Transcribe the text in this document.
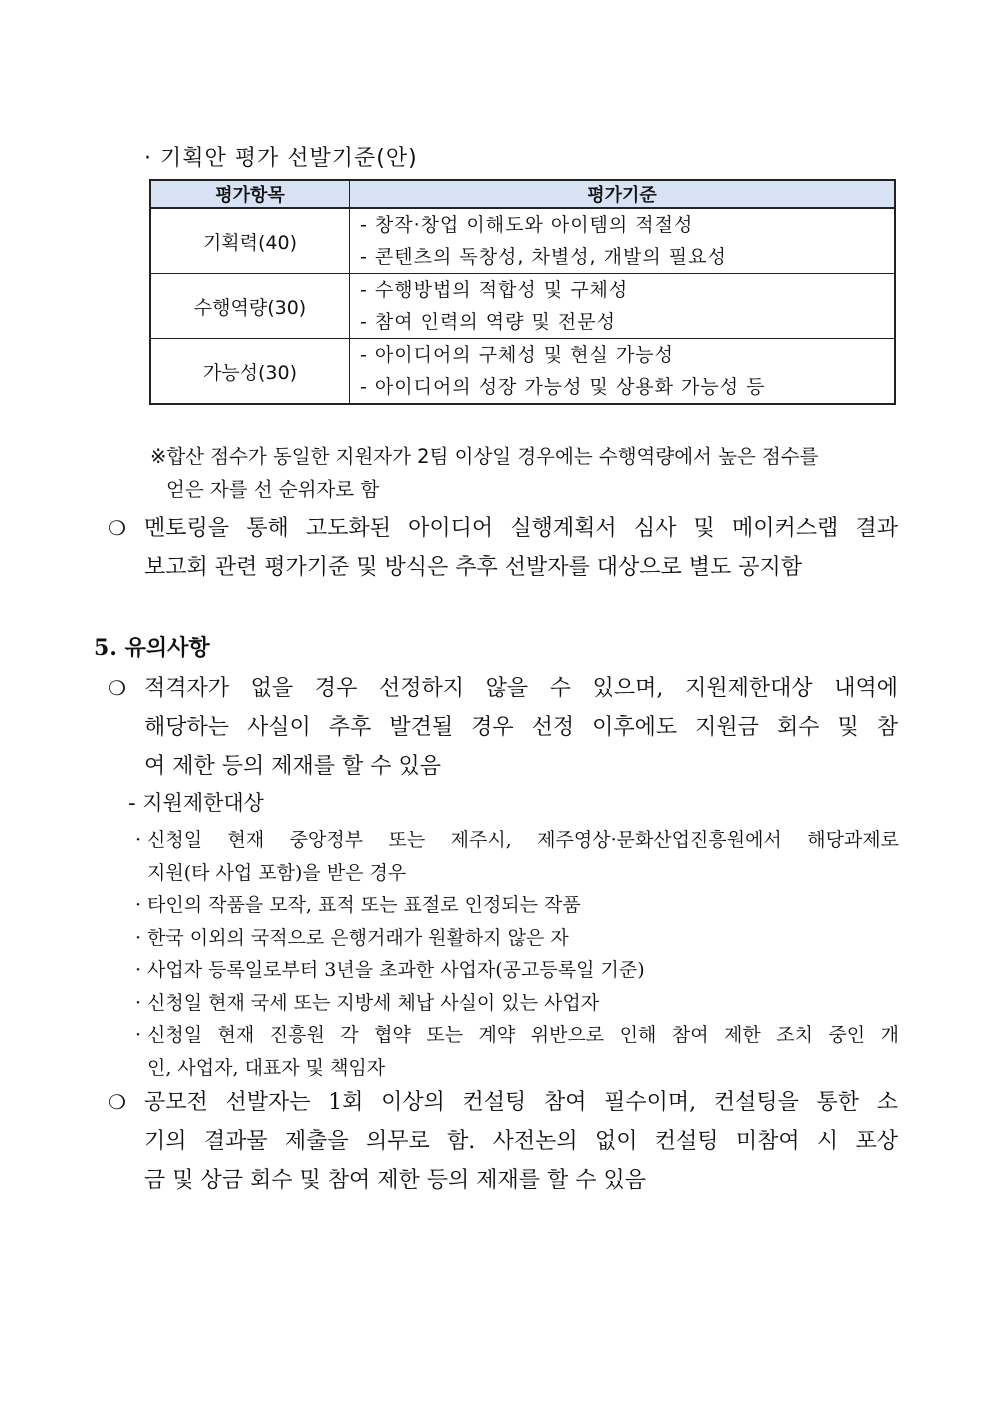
· 기획안 평가 선발기준(안)
평가항목	평가기준
기획력(40)	- 창작·창업 이해도와 아이템의 적절성
- 콘텐츠의 독창성, 차별성, 개발의 필요성

수행역량(30)	- 수행방법의 적합성 및 구체성
- 참여 인력의 역량 및 전문성

가능성(30)	- 아이디어의 구체성 및 현실 가능성
- 아이디어의 성장 가능성 및 상용화 가능성 등
※합산 점수가 동일한 지원자가 2팀 이상일 경우에는 수행역량에서 높은 점수를
얻은 자를 선 순위자로 함
❍ 멘토링을 통해 고도화된 아이디어 실행계획서 심사 및 메이커스랩 결과
보고회 관련 평가기준 및 방식은 추후 선발자를 대상으로 별도 공지함
5. 유의사항
❍ 적격자가 없을 경우 선정하지 않을 수 있으며, 지원제한대상 내역에
해당하는 사실이 추후 발견될 경우 선정 이후에도 지원금 회수 및 참
여 제한 등의 제재를 할 수 있음
- 지원제한대상
· 신청일 현재 중앙정부 또는 제주시, 제주영상·문화산업진흥원에서 해당과제로
지원(타 사업 포함)을 받은 경우
· 타인의 작품을 모작, 표적 또는 표절로 인정되는 작품
· 한국 이외의 국적으로 은행거래가 원활하지 않은 자
· 사업자 등록일로부터 3년을 초과한 사업자(공고등록일 기준)
· 신청일 현재 국세 또는 지방세 체납 사실이 있는 사업자
· 신청일 현재 진흥원 각 협약 또는 계약 위반으로 인해 참여 제한 조치 중인 개
인, 사업자, 대표자 및 책임자
❍ 공모전 선발자는 1회 이상의 컨설팅 참여 필수이며, 컨설팅을 통한 소
기의 결과물 제출을 의무로 함. 사전논의 없이 컨설팅 미참여 시 포상
금 및 상금 회수 및 참여 제한 등의 제재를 할 수 있음
